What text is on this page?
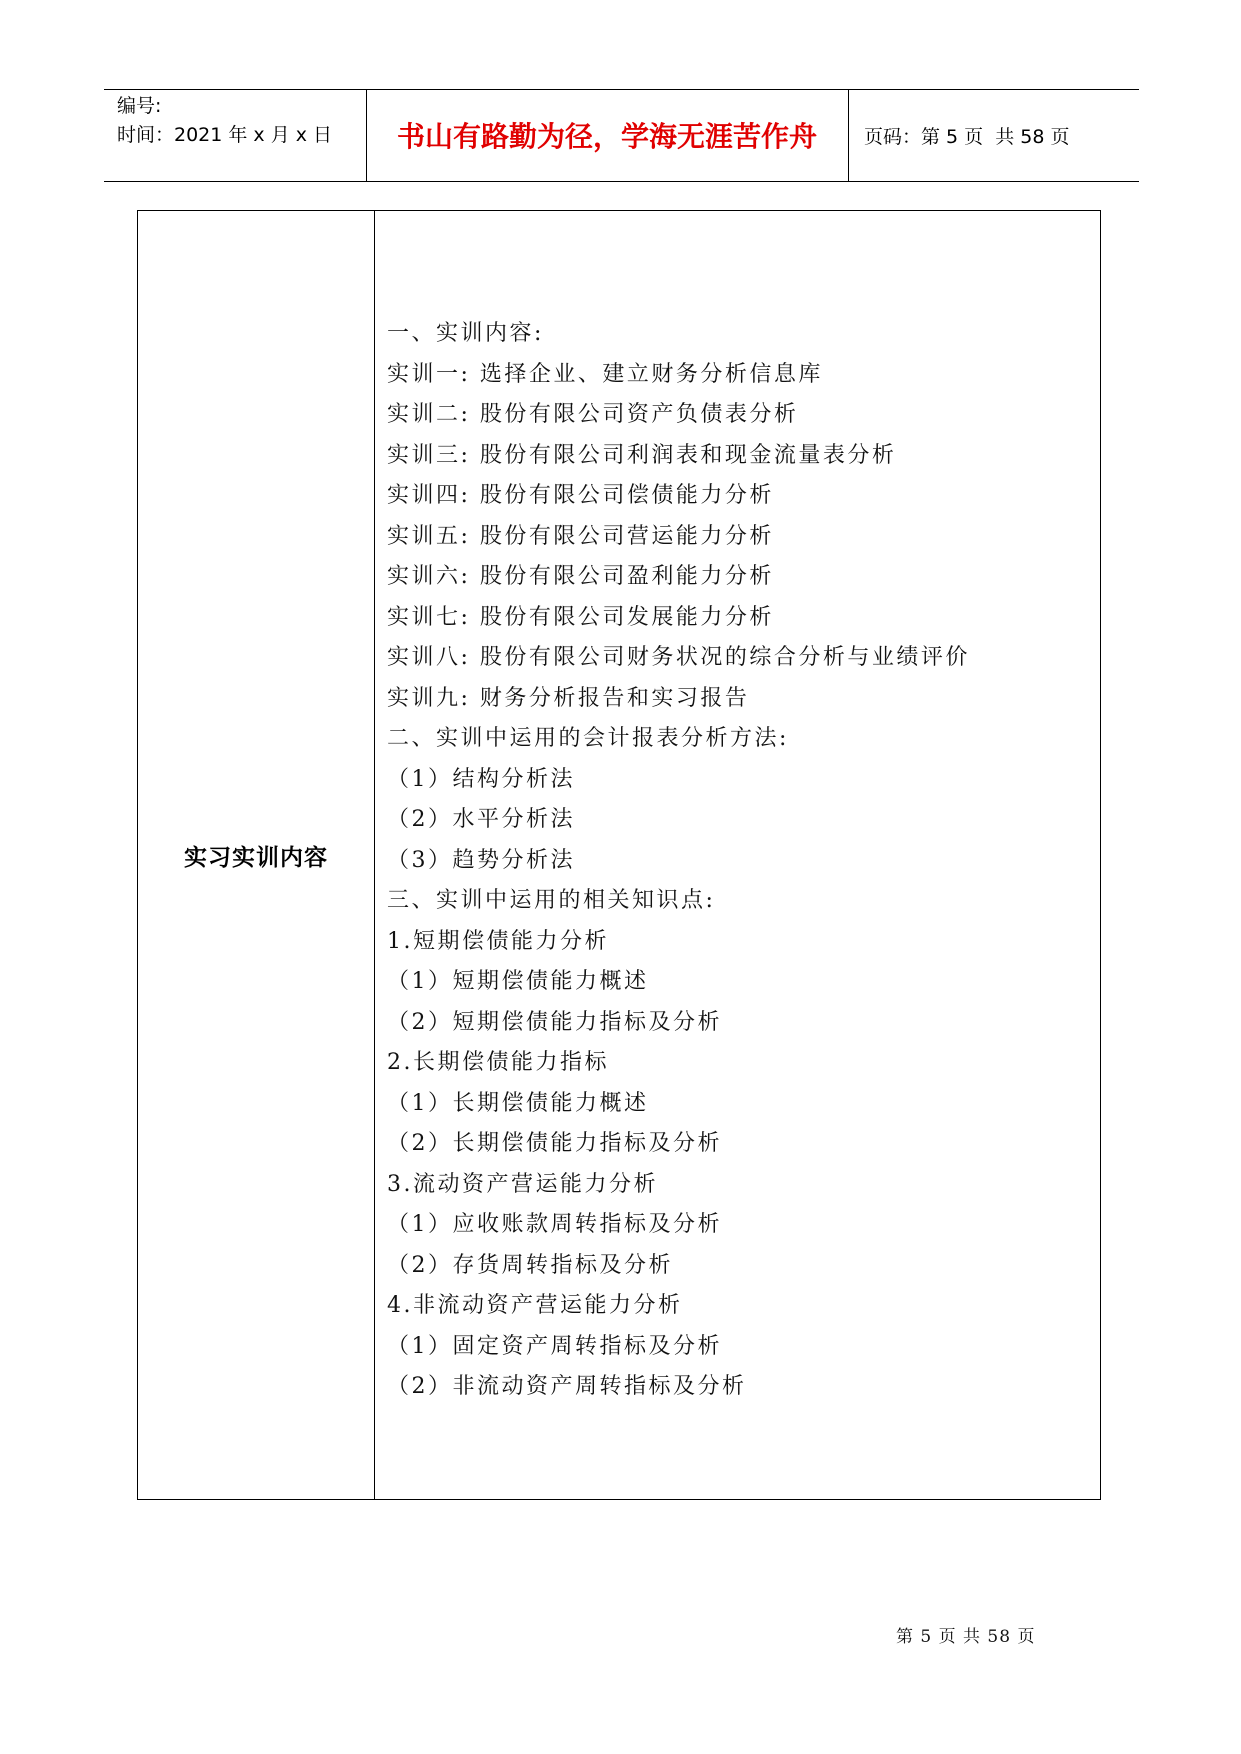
编号:
时间：2021 年 x 月 x 日	书山有路勤为径，学海无涯苦作舟	页码：第 5 页  共 58 页
实习实训内容
一、实训内容:
实训一: 选择企业、建立财务分析信息库
实训二: 股份有限公司资产负债表分析
实训三: 股份有限公司利润表和现金流量表分析
实训四: 股份有限公司偿债能力分析
实训五: 股份有限公司营运能力分析
实训六: 股份有限公司盈利能力分析
实训七: 股份有限公司发展能力分析
实训八: 股份有限公司财务状况的综合分析与业绩评价
实训九: 财务分析报告和实习报告
二、实训中运用的会计报表分析方法:
（1）结构分析法
（2）水平分析法
（3）趋势分析法
三、实训中运用的相关知识点:
1.短期偿债能力分析
（1）短期偿债能力概述
（2）短期偿债能力指标及分析
2.长期偿债能力指标
（1）长期偿债能力概述
（2）长期偿债能力指标及分析
3.流动资产营运能力分析
（1）应收账款周转指标及分析
（2）存货周转指标及分析
4.非流动资产营运能力分析
（1）固定资产周转指标及分析
（2）非流动资产周转指标及分析
第 5 页 共 58 页
